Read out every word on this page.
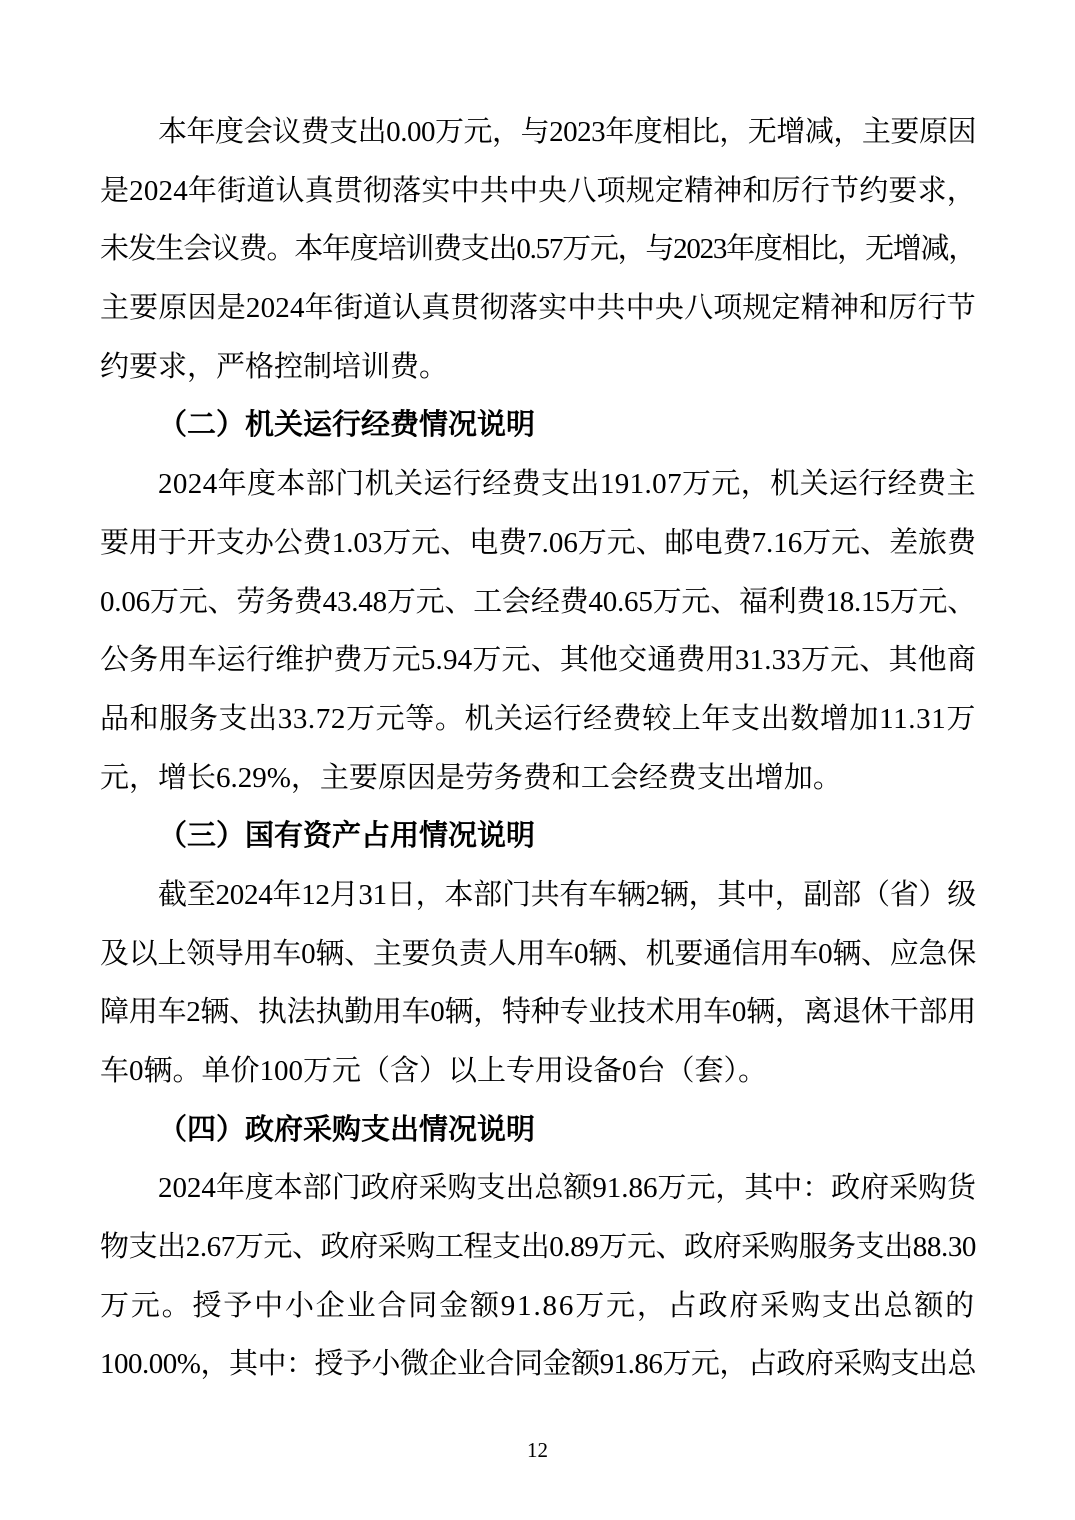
本年度会议费支出0.00万元，与2023年度相比，无增减，主要原因
是2024年街道认真贯彻落实中共中央八项规定精神和厉行节约要求，
未发生会议费。本年度培训费支出0.57万元，与2023年度相比，无增减，
主要原因是2024年街道认真贯彻落实中共中央八项规定精神和厉行节
约要求，严格控制培训费。
（二）机关运行经费情况说明
2024年度本部门机关运行经费支出191.07万元，机关运行经费主
要用于开支办公费1.03万元、电费7.06万元、邮电费7.16万元、差旅费
0.06万元、劳务费43.48万元、工会经费40.65万元、福利费18.15万元、
公务用车运行维护费万元5.94万元、其他交通费用31.33万元、其他商
品和服务支出33.72万元等。机关运行经费较上年支出数增加11.31万
元，增长6.29%，主要原因是劳务费和工会经费支出增加。
（三）国有资产占用情况说明
截至2024年12月31日，本部门共有车辆2辆，其中，副部（省）级
及以上领导用车0辆、主要负责人用车0辆、机要通信用车0辆、应急保
障用车2辆、执法执勤用车0辆，特种专业技术用车0辆，离退休干部用
车0辆。单价100万元（含）以上专用设备0台（套）。
（四）政府采购支出情况说明
2024年度本部门政府采购支出总额91.86万元，其中：政府采购货
物支出2.67万元、政府采购工程支出0.89万元、政府采购服务支出88.30
万元。授予中小企业合同金额91.86万元，占政府采购支出总额的
100.00%，其中：授予小微企业合同金额91.86万元，占政府采购支出总
12
